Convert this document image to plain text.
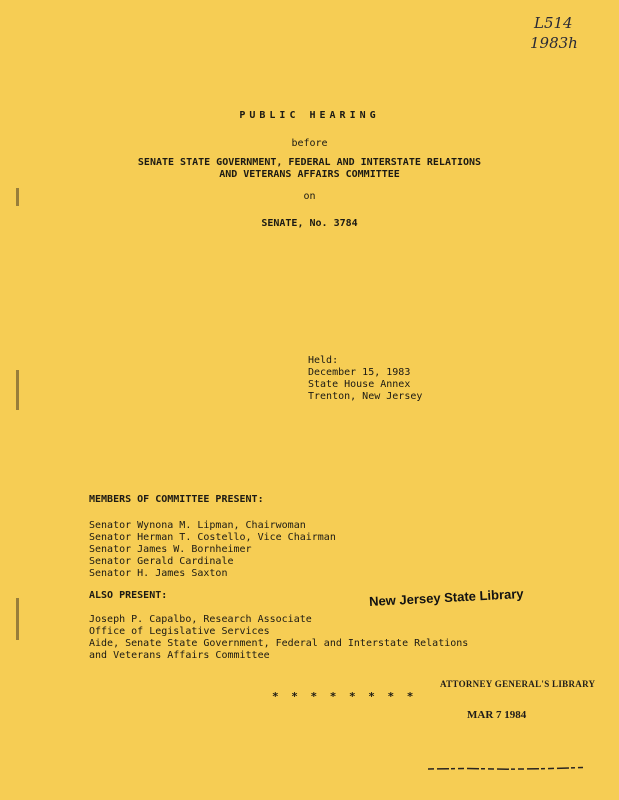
L514
1983h
PUBLIC HEARING
before
SENATE STATE GOVERNMENT, FEDERAL AND INTERSTATE RELATIONS
AND VETERANS AFFAIRS COMMITTEE
on
SENATE, No. 3784
Held:
December 15, 1983
State House Annex
Trenton, New Jersey
MEMBERS OF COMMITTEE PRESENT:
Senator Wynona M. Lipman, Chairwoman
Senator Herman T. Costello, Vice Chairman
Senator James W. Bornheimer
Senator Gerald Cardinale
Senator H. James Saxton
ALSO PRESENT:
Joseph P. Capalbo, Research Associate
Office of Legislative Services
Aide, Senate State Government, Federal and Interstate Relations
and Veterans Affairs Committee
New Jersey State Library
ATTORNEY GENERAL'S LIBRARY
MAR 7 1984
* * * * * * * *
